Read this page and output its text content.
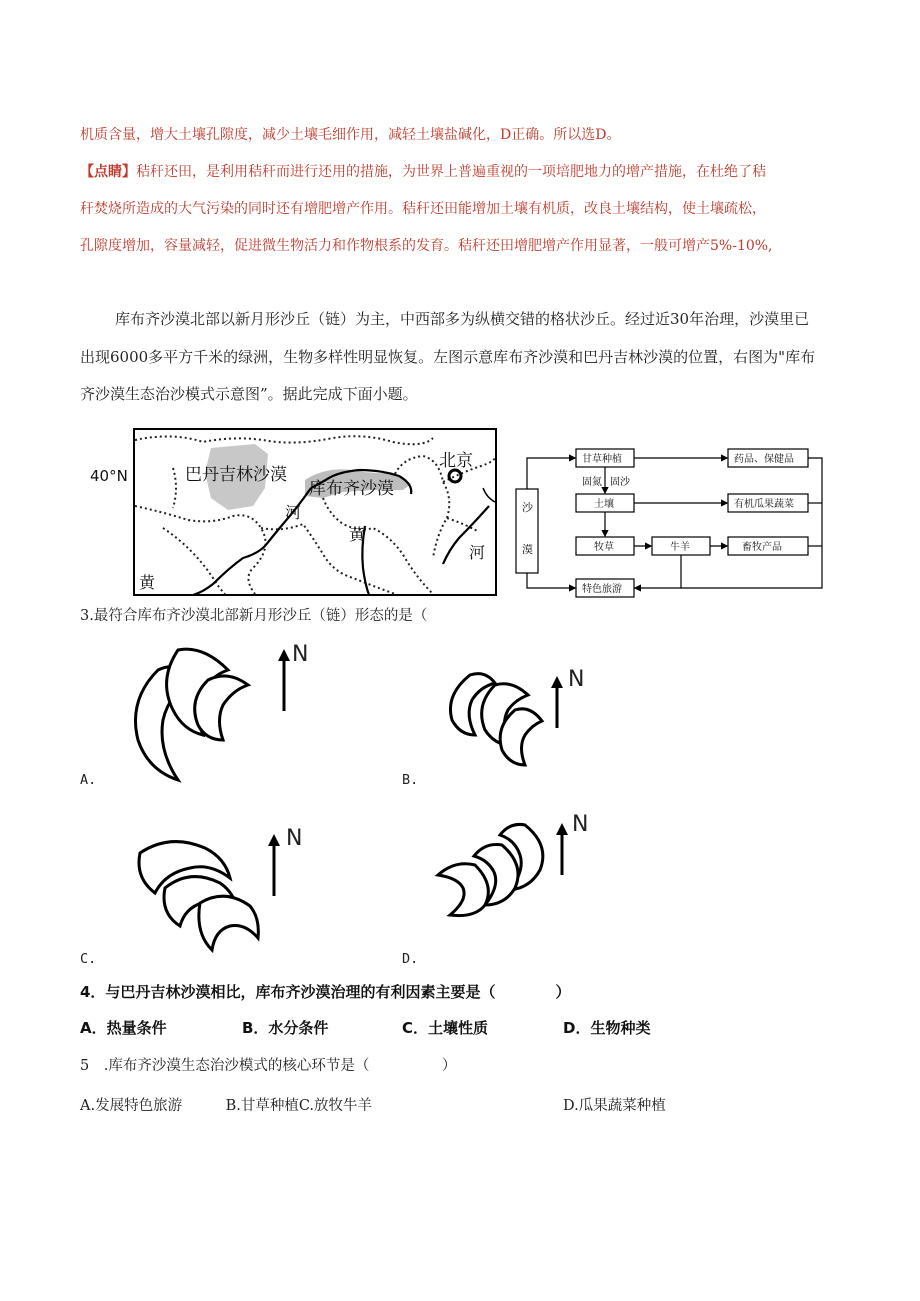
机质含量，增大土壤孔隙度，减少土壤毛细作用，减轻土壤盐碱化，D正确。所以选D。
【点睛】秸秆还田，是利用秸秆而进行还用的措施，为世界上普遍重视的一项培肥地力的增产措施，在杜绝了秸
秆焚烧所造成的大气污染的同时还有增肥增产作用。秸秆还田能增加土壤有机质，改良土壤结构，使土壤疏松，
孔隙度增加，容量减轻，促进微生物活力和作物根系的发育。秸秆还田增肥增产作用显著，一般可增产5%-10%,
库布齐沙漠北部以新月形沙丘（链）为主，中西部多为纵横交错的格状沙丘。经过近30年治理，沙漠里已
出现6000多平方千米的绿洲，生物多样性明显恢复。左图示意库布齐沙漠和巴丹吉林沙漠的位置，右图为"库布
齐沙漠生态治沙模式示意图”。据此完成下面小题。
巴丹吉林沙漠
库布齐沙漠
北京
河
黄
黄
河
40°N
沙
漠
甘草种植
固氮 固沙
土壤
牧草	牛羊
特色旅游
药品、保健品
有机瓜果蔬菜
畜牧产品
3.最符合库布齐沙漠北部新月形沙丘（链）形态的是（
N
A.
N
B.
N
C.
N
D.
4．与巴丹吉林沙漠相比，库布齐沙漠治理的有利因素主要是（　　　　）
A．热量条件	B．水分条件	C．土壤性质	D．生物种类
5　.库布齐沙漠生态治沙模式的核心环节是（　　　　　）
A.发展特色旅游　　　B.甘草种植C.放牧牛羊	D.瓜果蔬菜种植
